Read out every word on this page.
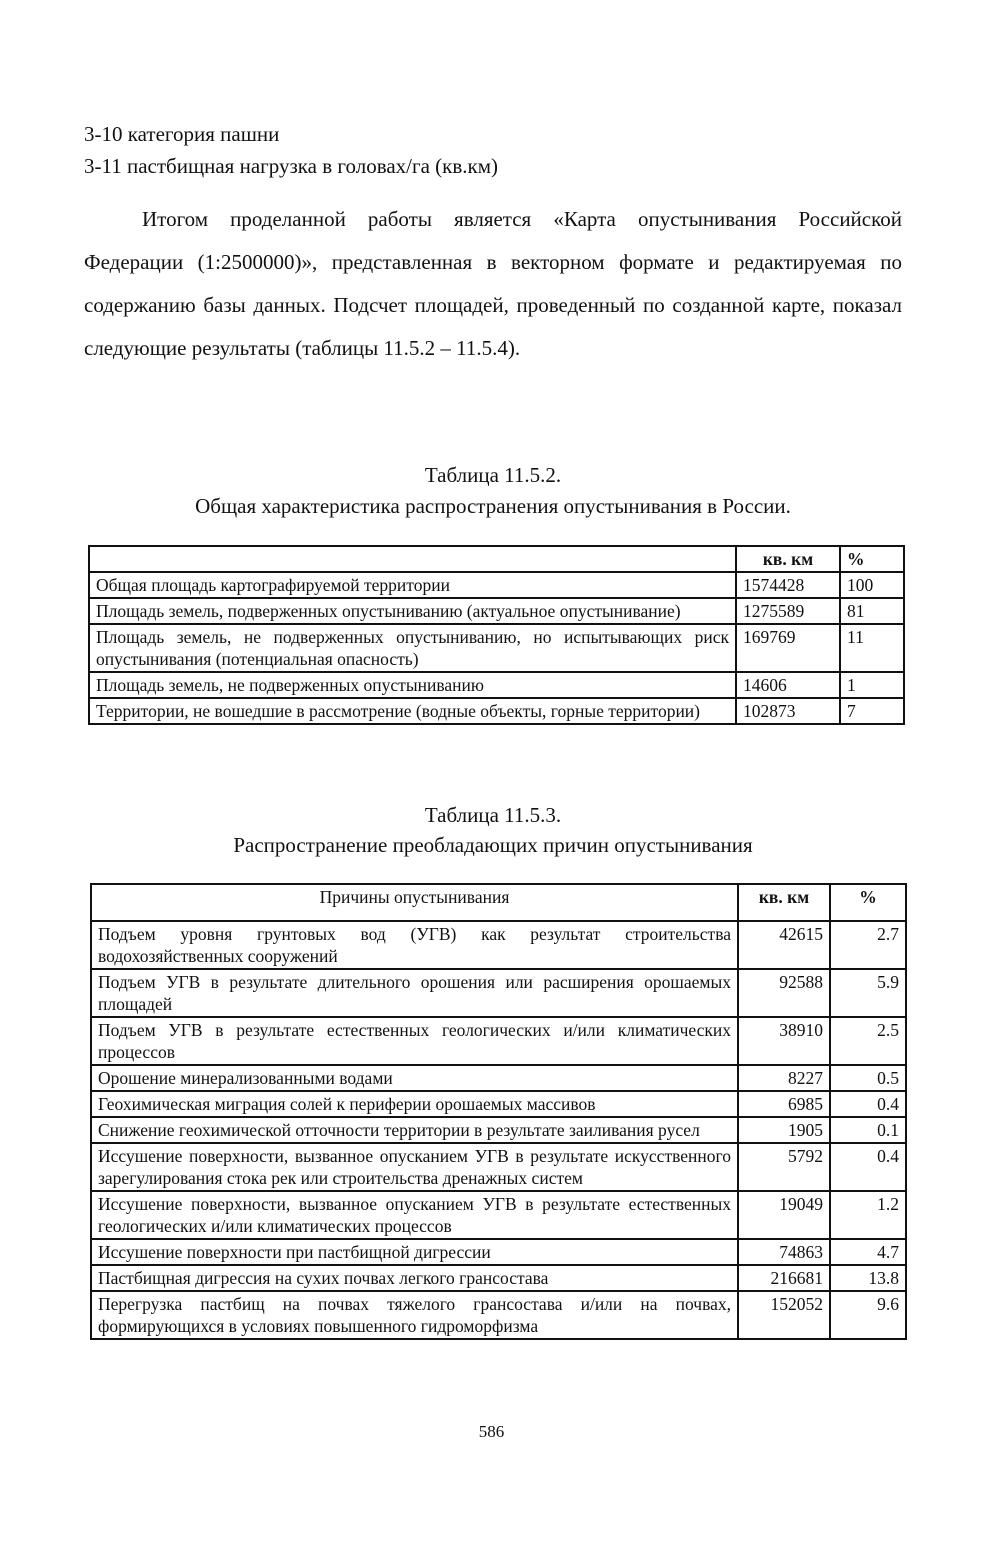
3-10 категория пашни
3-11 пастбищная нагрузка в головах/га (кв.км)

Итогом проделанной работы является «Карта опустынивания Российской Федерации (1:2500000)», представленная в векторном формате и редактируемая по содержанию базы данных. Подсчет площадей, проведенный по созданной карте, показал следующие результаты (таблицы 11.5.2 – 11.5.4).

Таблица 11.5.2.
Общая характеристика распространения опустынивания в России.
	кв. км	%
Общая площадь картографируемой территории	1574428	100
Площадь земель, подверженных опустыниванию (актуальное опустынивание)	1275589	81
Площадь земель, не подверженных опустыниванию, но испытывающих риск опустынивания (потенциальная опасность)	169769	11
Площадь земель, не подверженных опустыниванию	14606	1
Территории, не вошедшие в рассмотрение (водные объекты, горные территории)	102873	7
Таблица 11.5.3.
Распространение преобладающих причин опустынивания
Причины опустынивания	кв. км	%
Подъем уровня грунтовых вод (УГВ) как результат строительства водохозяйственных сооружений	42615	2.7
Подъем УГВ в результате длительного орошения или расширения орошаемых площадей	92588	5.9
Подъем УГВ в результате естественных геологических и/или климатических процессов	38910	2.5
Орошение минерализованными водами	8227	0.5
Геохимическая миграция солей к периферии орошаемых массивов	6985	0.4
Снижение геохимической отточности территории в результате заиливания русел	1905	0.1
Иссушение поверхности, вызванное опусканием УГВ в результате искусственного зарегулирования стока рек или строительства дренажных систем	5792	0.4
Иссушение поверхности, вызванное опусканием УГВ в результате естественных геологических и/или климатических процессов	19049	1.2
Иссушение поверхности при пастбищной дигрессии	74863	4.7
Пастбищная дигрессия на сухих почвах легкого грансостава	216681	13.8
Перегрузка пастбищ на почвах тяжелого грансостава и/или на почвах, формирующихся в условиях повышенного гидроморфизма	152052	9.6
586
